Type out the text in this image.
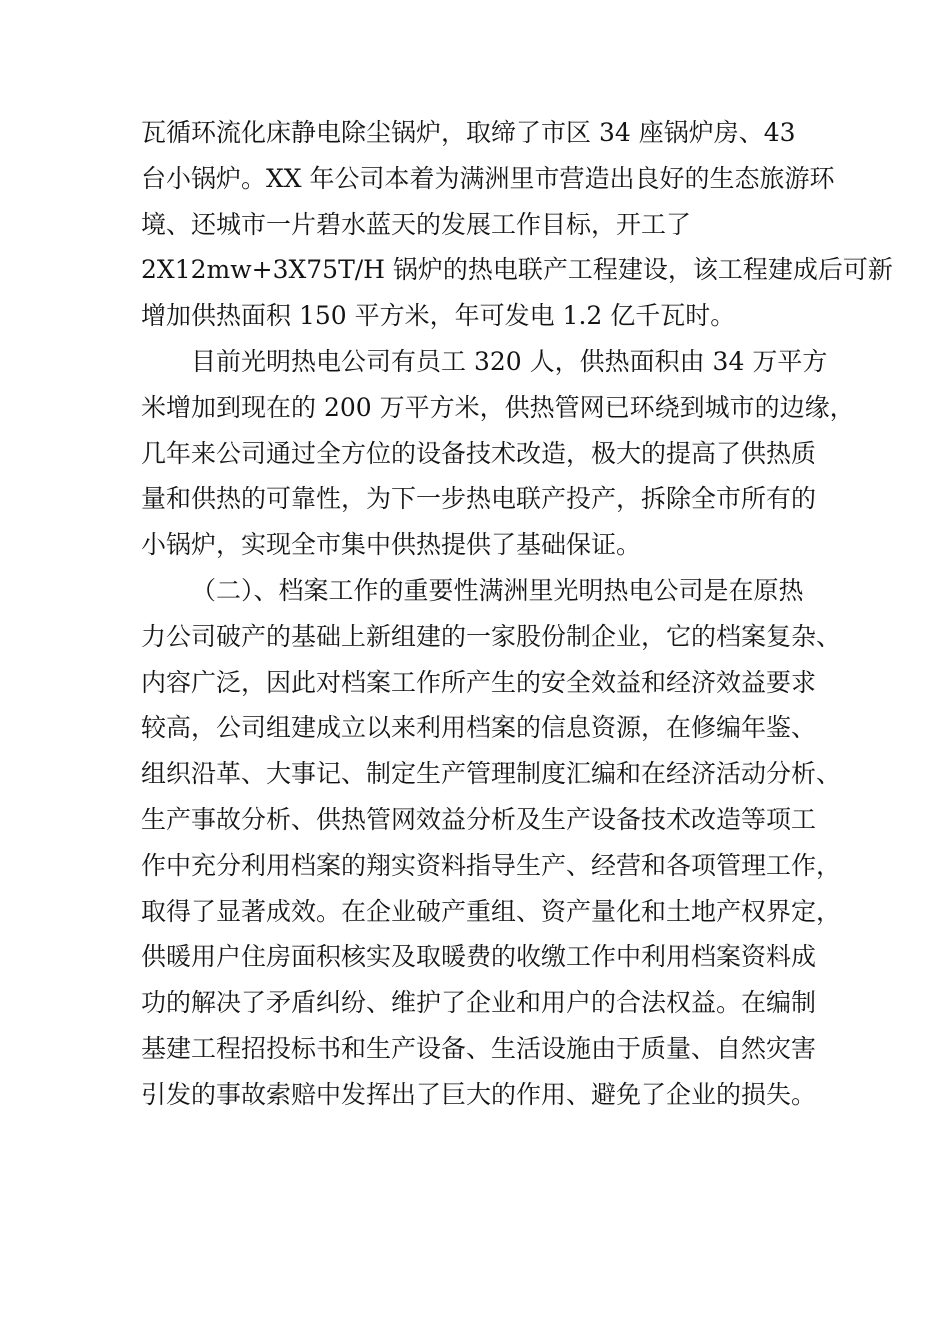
瓦循环流化床静电除尘锅炉，取缔了市区 34 座锅炉房、43
台小锅炉。XX 年公司本着为满洲里市营造出良好的生态旅游环
境、还城市一片碧水蓝天的发展工作目标，开工了
2X12mw+3X75T/H 锅炉的热电联产工程建设，该工程建成后可新
增加供热面积 150 平方米，年可发电 1.2 亿千瓦时。
目前光明热电公司有员工 320 人，供热面积由 34 万平方
米增加到现在的 200 万平方米，供热管网已环绕到城市的边缘，
几年来公司通过全方位的设备技术改造，极大的提高了供热质
量和供热的可靠性，为下一步热电联产投产，拆除全市所有的
小锅炉，实现全市集中供热提供了基础保证。
（二）、档案工作的重要性满洲里光明热电公司是在原热
力公司破产的基础上新组建的一家股份制企业，它的档案复杂、
内容广泛，因此对档案工作所产生的安全效益和经济效益要求
较高，公司组建成立以来利用档案的信息资源，在修编年鉴、
组织沿革、大事记、制定生产管理制度汇编和在经济活动分析、
生产事故分析、供热管网效益分析及生产设备技术改造等项工
作中充分利用档案的翔实资料指导生产、经营和各项管理工作，
取得了显著成效。在企业破产重组、资产量化和土地产权界定，
供暖用户住房面积核实及取暖费的收缴工作中利用档案资料成
功的解决了矛盾纠纷、维护了企业和用户的合法权益。在编制
基建工程招投标书和生产设备、生活设施由于质量、自然灾害
引发的事故索赔中发挥出了巨大的作用、避免了企业的损失。
